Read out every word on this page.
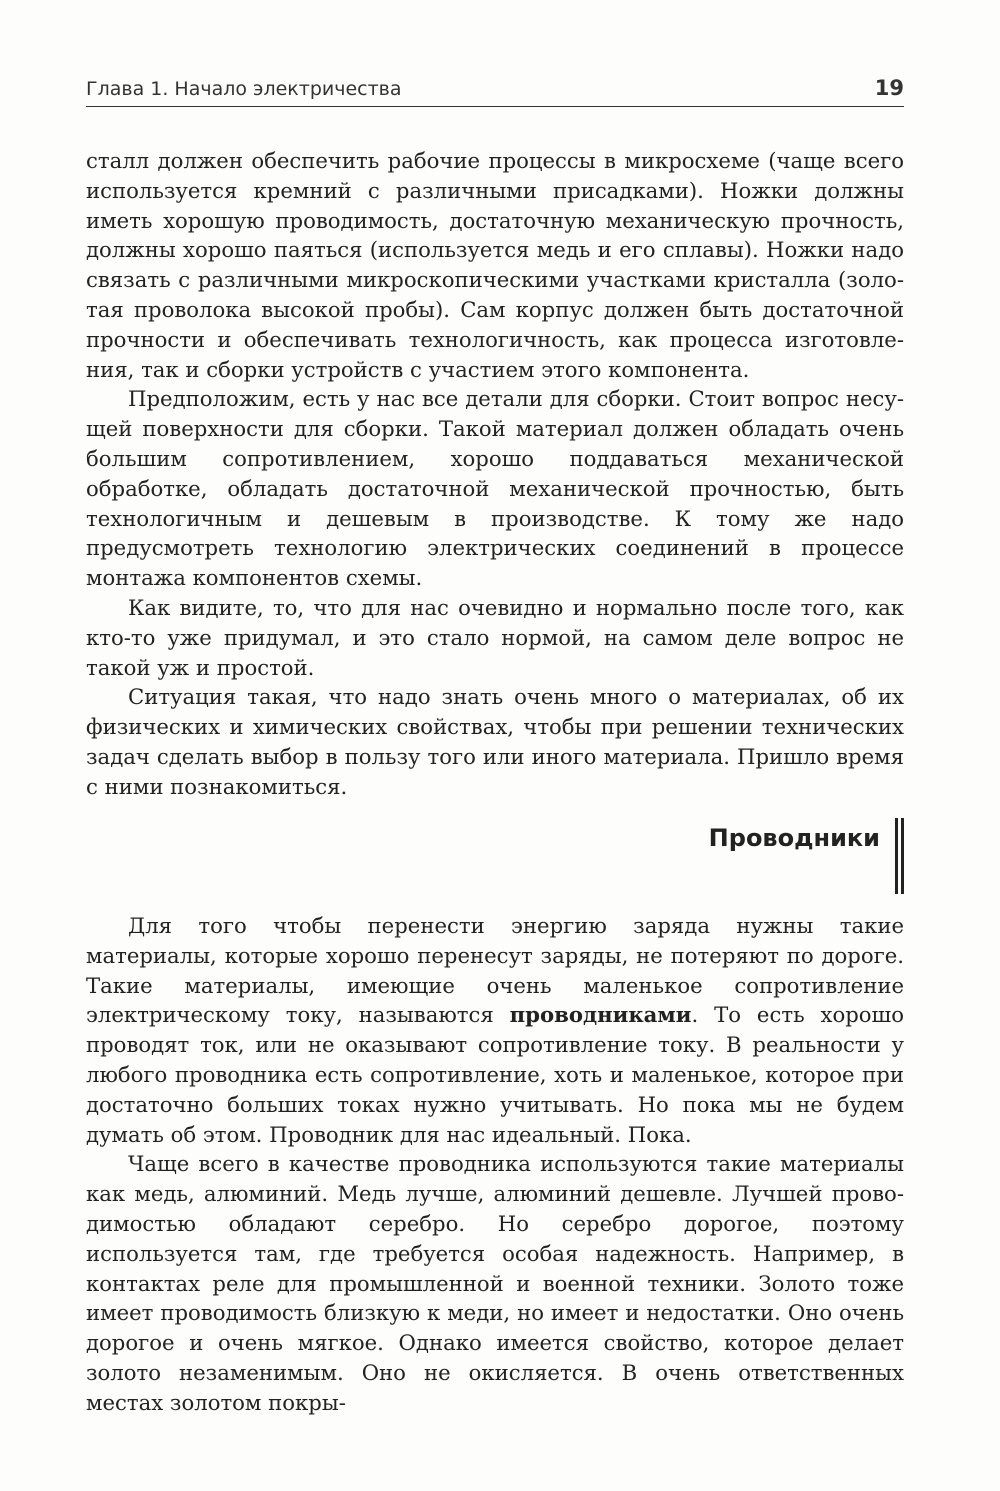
Глава 1. Начало электричества	19

сталл должен обеспечить рабочие процессы в микросхеме (чаще всего используется кремний с различными присадками). Ножки должны иметь хорошую проводимость, достаточную механическую прочность, должны хорошо паяться (используется медь и его сплавы). Ножки надо связать с различными микроскопическими участками кристалла (золотая проволока высокой пробы). Сам корпус должен быть достаточной прочности и обеспечивать технологичность, как процесса изготовления, так и сборки устройств с участием этого компонента.

Предположим, есть у нас все детали для сборки. Стоит вопрос несущей поверхности для сборки. Такой материал должен обладать очень большим сопротивлением, хорошо поддаваться механической обработке, обладать достаточной механической прочностью, быть технологичным и дешевым в производстве. К тому же надо предусмотреть технологию электрических соединений в процессе монтажа компонентов схемы.

Как видите, то, что для нас очевидно и нормально после того, как кто-то уже придумал, и это стало нормой, на самом деле вопрос не такой уж и простой.

Ситуация такая, что надо знать очень много о материалах, об их физических и химических свойствах, чтобы при решении технических задач сделать выбор в пользу того или иного материала. Пришло время с ними познакомиться.

Проводники

Для того чтобы перенести энергию заряда нужны такие материалы, которые хорошо перенесут заряды, не потеряют по дороге. Такие материалы, имеющие очень маленькое сопротивление электрическому току, называются проводниками. То есть хорошо проводят ток, или не оказывают сопротивление току. В реальности у любого проводника есть сопротивление, хоть и маленькое, которое при достаточно больших токах нужно учитывать. Но пока мы не будем думать об этом. Проводник для нас идеальный. Пока.

Чаще всего в качестве проводника используются такие материалы как медь, алюминий. Медь лучше, алюминий дешевле. Лучшей проводимостью обладают серебро. Но серебро дорогое, поэтому используется там, где требуется особая надежность. Например, в контактах реле для промышленной и военной техники. Золото тоже имеет проводимость близкую к меди, но имеет и недостатки. Оно очень дорогое и очень мягкое. Однако имеется свойство, которое делает золото незаменимым. Оно не окисляется. В очень ответственных местах золотом покры-
